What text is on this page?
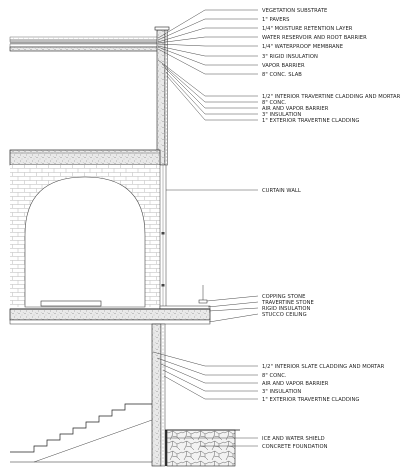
VEGETATION SUBSTRATE
1" PAVERS
1/4" MOISTURE RETENTION LAYER
WATER RESERVOIR AND ROOT BARRIER
1/4" WATERPROOF MEMBRANE
3" RIGID INSULATION
VAPOR BARRIER
8" CONC. SLAB
1/2" INTERIOR TRAVERTINE CLADDING AND MORTAR
8" CONC.
AIR AND VAPOR BARRIER
3" INSULATION
1" EXTERIOR TRAVERTINE CLADDING
CURTAIN WALL
COPPING STONE
TRAVERTINE STONE
RIGID INSULATION
STUCCO CEILING
1/2" INTERIOR SLATE CLADDING AND MORTAR
8" CONC.
AIR AND VAPOR BARRIER
3" INSULATION
1" EXTERIOR TRAVERTINE CLADDING
ICE AND WATER SHIELD
CONCRETE FOUNDATION
